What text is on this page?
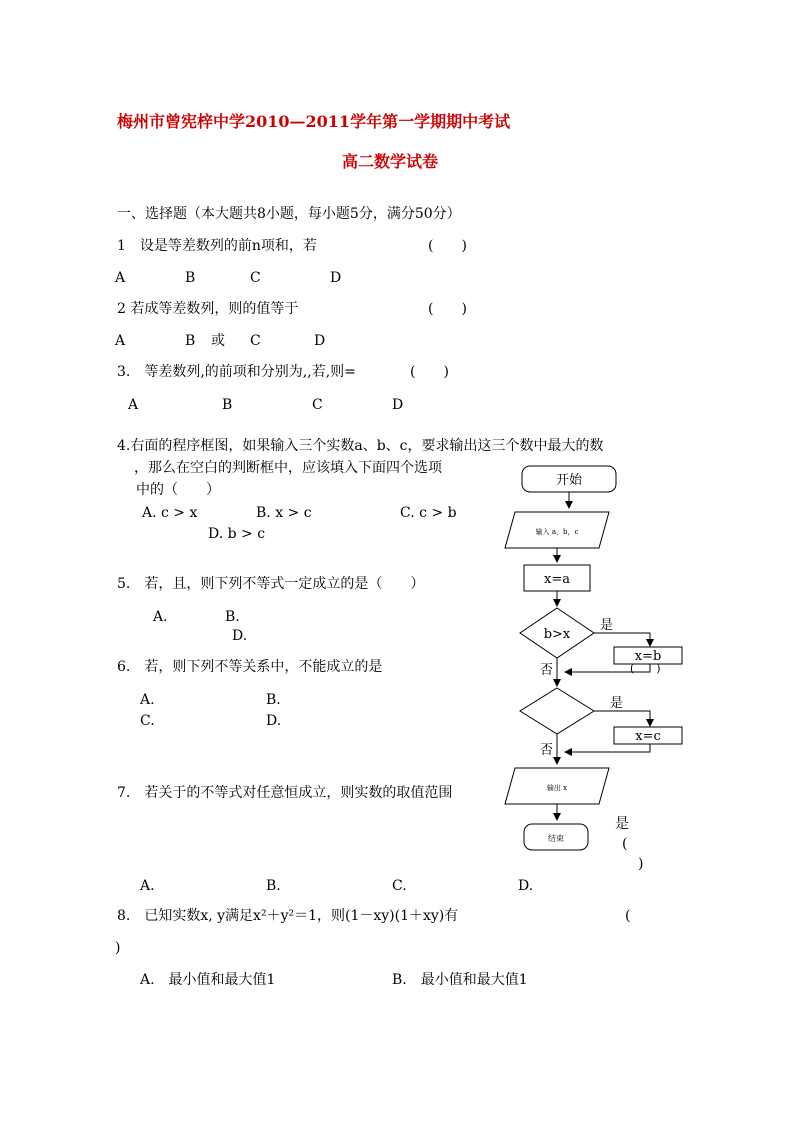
梅州市曾宪梓中学2010—2011学年第一学期期中考试
高二数学试卷
一、选择题（本大题共8小题，每小题5分，满分50分）
1　设是等差数列的前n项和，若	(　　)
A	B	C	D
2 若成等差数列，则的值等于	(　　)
A	B 或 C	D
3.　等差数列,的前项和分别为,,若,则=	(　　)
A	B	C	D
4.右面的程序框图，如果输入三个实数a、b、c，要求输出这三个数中最大的数
，那么在空白的判断框中，应该填入下面四个选项
中的（　　）
A. c > x	B. x > c	C. c > b
D. b > c
5.　若，且，则下列不等式一定成立的是（　　）
A.	B.
D.
6.　若，则下列不等关系中，不能成立的是
A.	B.
C.	D.
7.　若关于的不等式对任意恒成立，则实数的取值范围
是
(
)
A.	B.	C.	D.
8.　已知实数x, y满足x²＋y²＝1，则(1－xy)(1＋xy)有	(
)
A.　最小值和最大值1	B.　最小值和最大值1
开始
输入 a，b，c
x=a
b>x
是
x=b
(　　)
否
是
x=c
否
输出 x
结束
